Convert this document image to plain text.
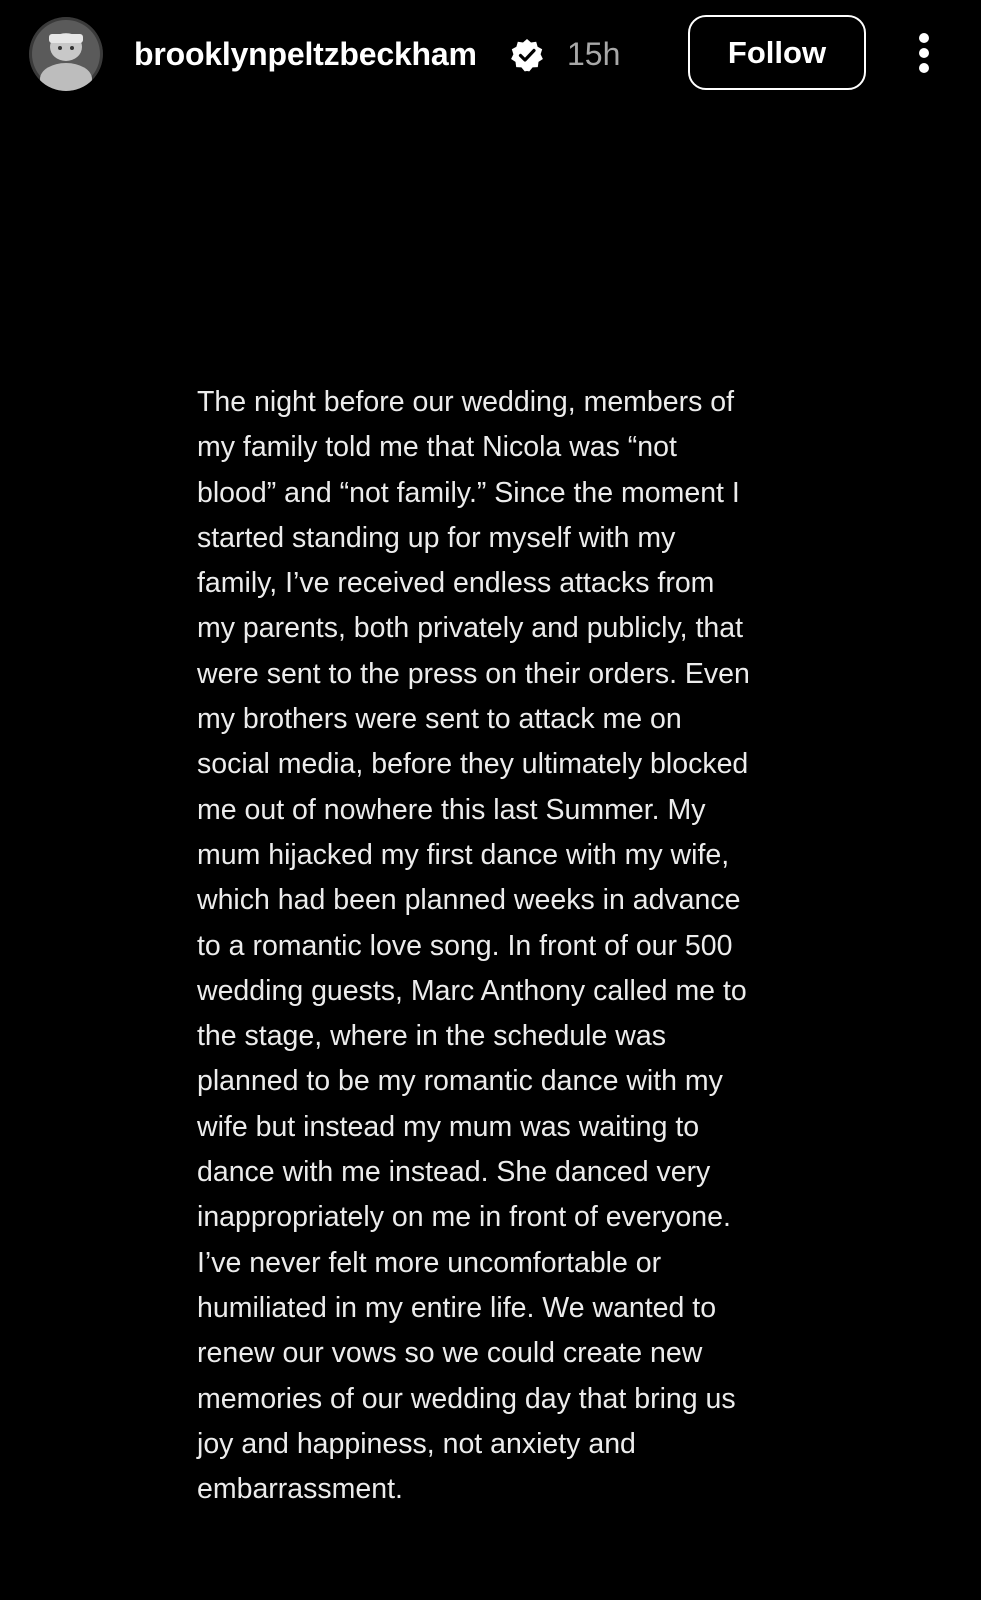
brooklynpeltzbeckham	15h	Follow

The night before our wedding, members of
my family told me that Nicola was “not
blood” and “not family.” Since the moment I
started standing up for myself with my
family, I’ve received endless attacks from
my parents, both privately and publicly, that
were sent to the press on their orders. Even
my brothers were sent to attack me on
social media, before they ultimately blocked
me out of nowhere this last Summer. My
mum hijacked my first dance with my wife,
which had been planned weeks in advance
to a romantic love song. In front of our 500
wedding guests, Marc Anthony called me to
the stage, where in the schedule was
planned to be my romantic dance with my
wife but instead my mum was waiting to
dance with me instead. She danced very
inappropriately on me in front of everyone.
I’ve never felt more uncomfortable or
humiliated in my entire life. We wanted to
renew our vows so we could create new
memories of our wedding day that bring us
joy and happiness, not anxiety and
embarrassment.
